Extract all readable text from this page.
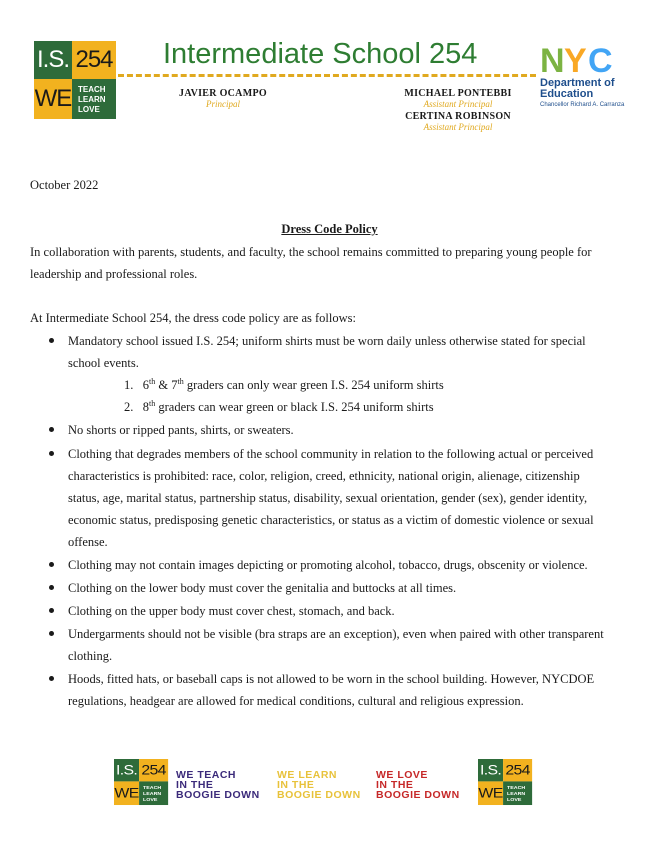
I.S. 254
WE TEACH
LEARN
LOVE
Intermediate School 254
JAVIER OCAMPO
Principal
MICHAEL PONTEBBI
Assistant Principal
CERTINA ROBINSON
Assistant Principal
N Y C
Department of
Education
Chancellor Richard A. Carranza
October 2022
Dress Code Policy
In collaboration with parents, students, and faculty, the school remains committed to preparing young people for
leadership and professional roles.
At Intermediate School 254, the dress code policy are as follows:
Mandatory school issued I.S. 254; uniform shirts must be worn daily unless otherwise stated for special
school events.
1. 6th & 7th graders can only wear green I.S. 254 uniform shirts
2. 8th graders can wear green or black I.S. 254 uniform shirts
No shorts or ripped pants, shirts, or sweaters.
Clothing that degrades members of the school community in relation to the following actual or perceived
characteristics is prohibited: race, color, religion, creed, ethnicity, national origin, alienage, citizenship
status, age, marital status, partnership status, disability, sexual orientation, gender (sex), gender identity,
economic status, predisposing genetic characteristics, or status as a victim of domestic violence or sexual
offense.
Clothing may not contain images depicting or promoting alcohol, tobacco, drugs, obscenity or violence.
Clothing on the lower body must cover the genitalia and buttocks at all times.
Clothing on the upper body must cover chest, stomach, and back.
Undergarments should not be visible (bra straps are an exception), even when paired with other transparent
clothing.
Hoods, fitted hats, or baseball caps is not allowed to be worn in the school building. However, NYCDOE
regulations, headgear are allowed for medical conditions, cultural and religious expression.
I.S. 254
WE TEACH
LEARN
LOVE
WE TEACH
IN THE
BOOGIE DOWN
WE LEARN
IN THE
BOOGIE DOWN
WE LOVE
IN THE
BOOGIE DOWN
I.S. 254
WE TEACH
LEARN
LOVE
